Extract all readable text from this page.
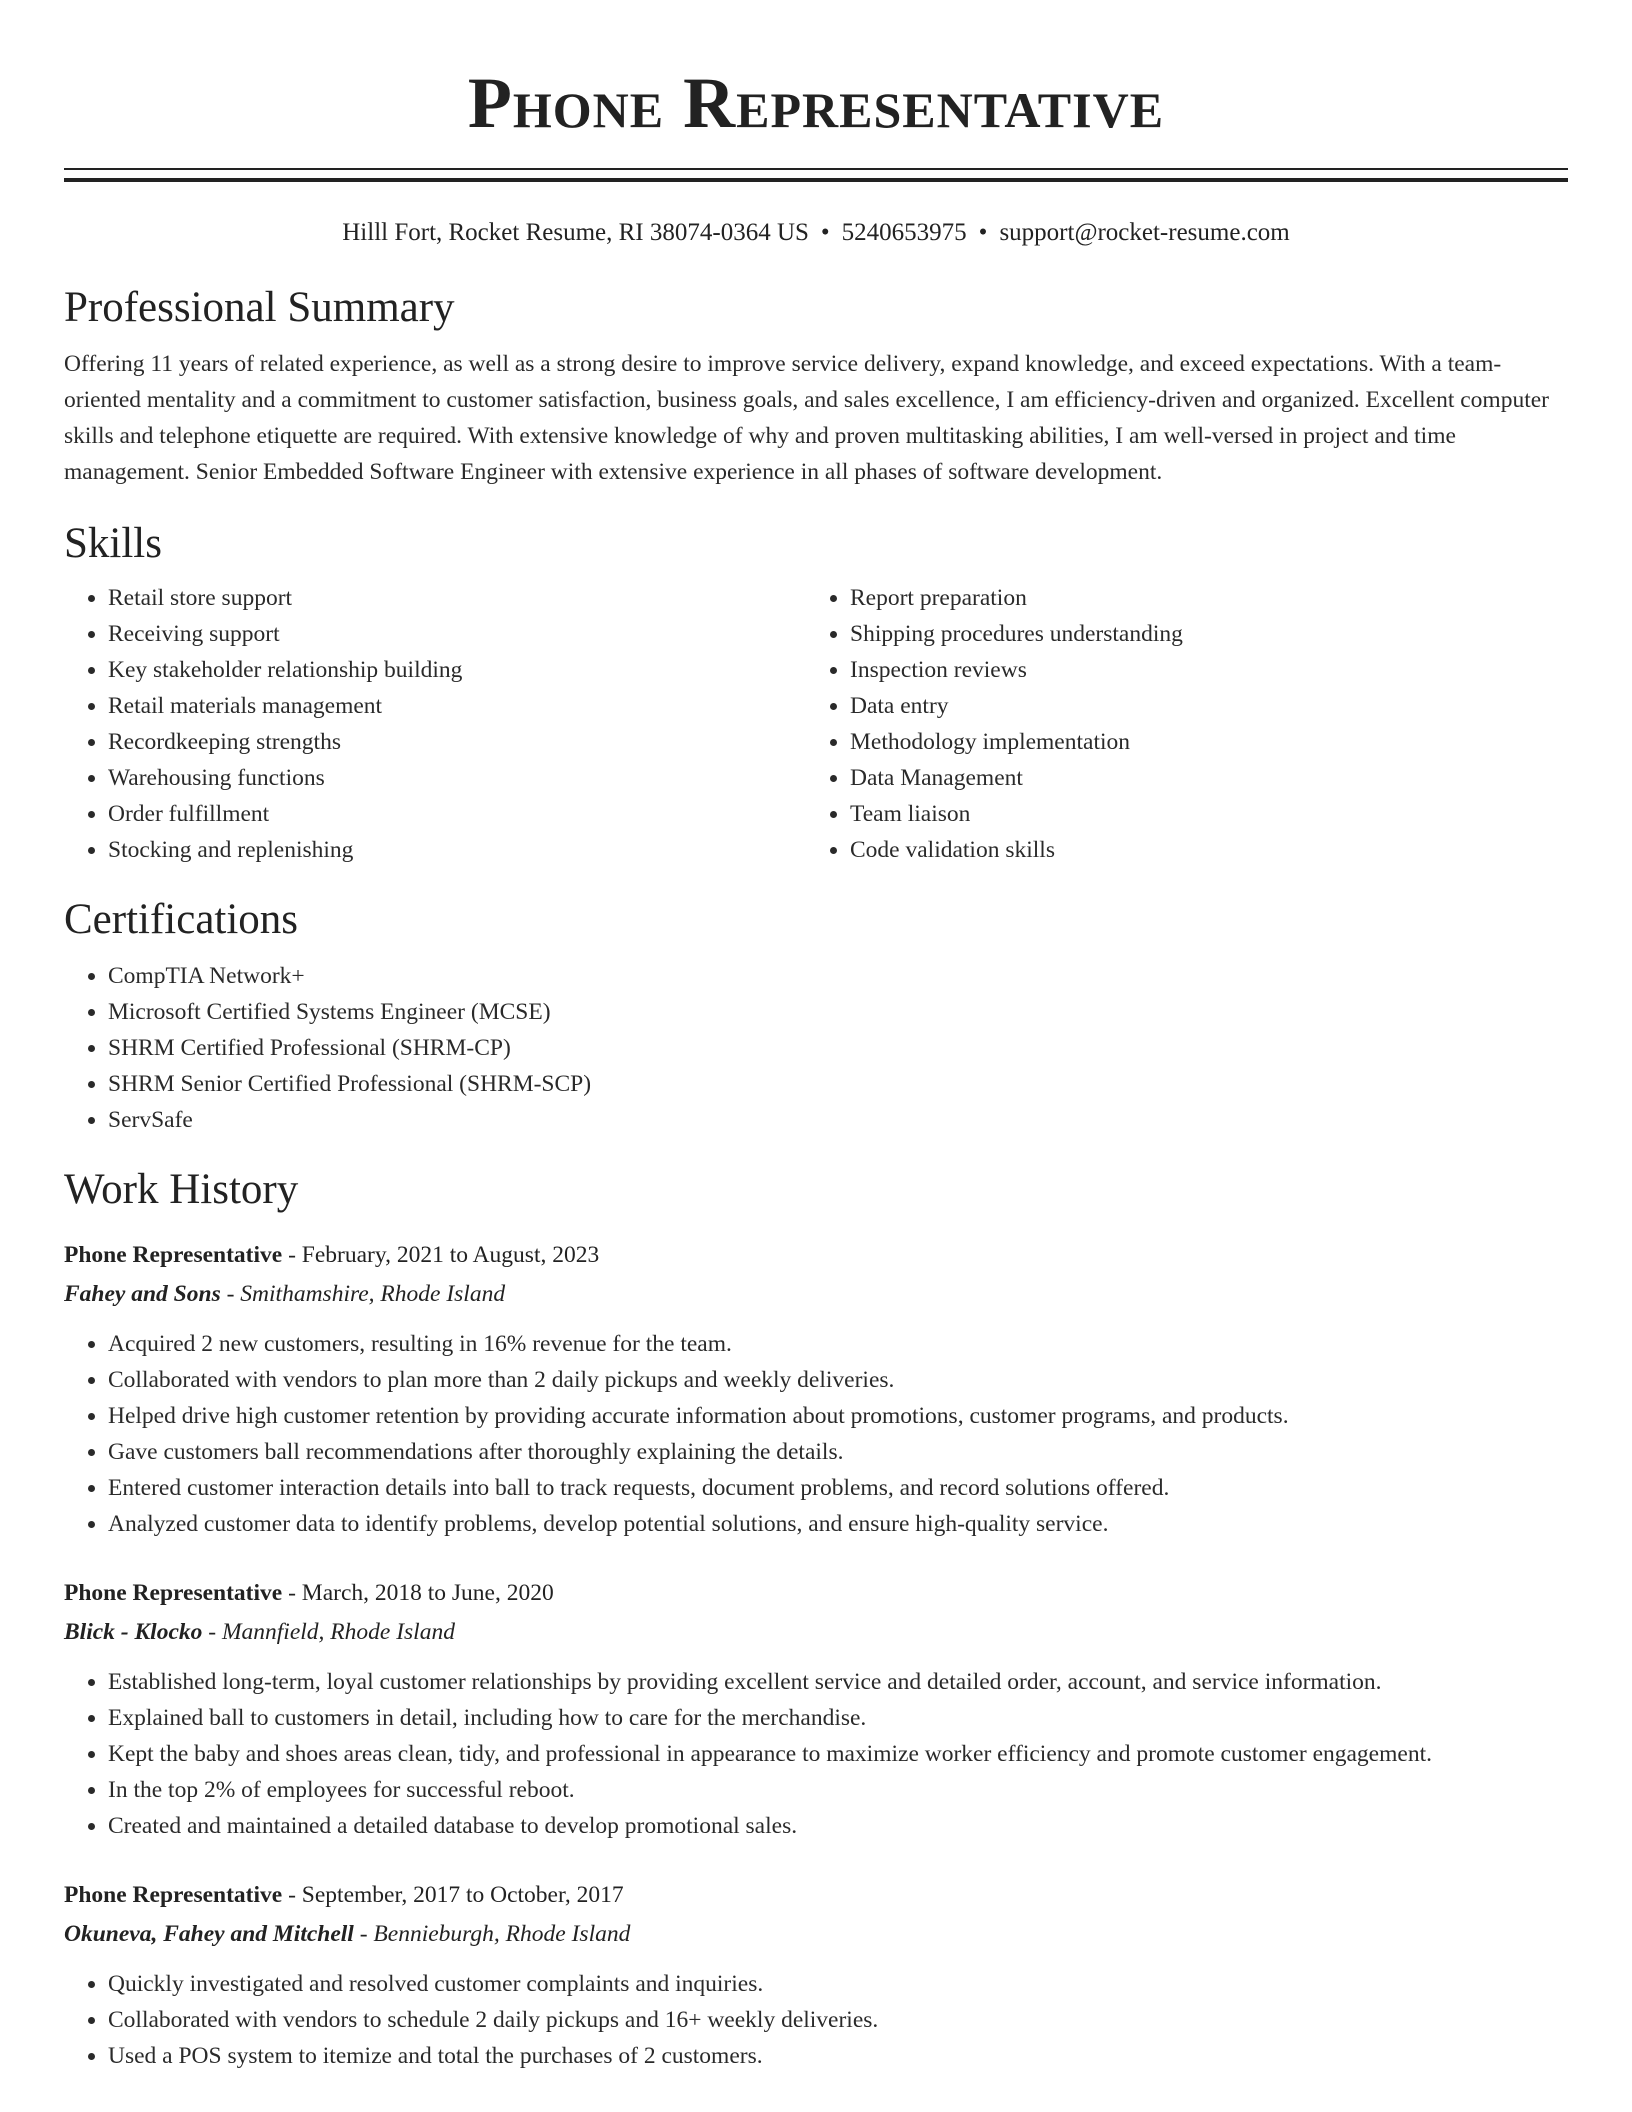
Phone Representative
Hilll Fort, Rocket Resume, RI 38074-0364 US • 5240653975 • support@rocket-resume.com
Professional Summary

Offering 11 years of related experience, as well as a strong desire to improve service delivery, expand knowledge, and exceed expectations. With a team-oriented mentality and a commitment to customer satisfaction, business goals, and sales excellence, I am efficiency-driven and organized. Excellent computer skills and telephone etiquette are required. With extensive knowledge of why and proven multitasking abilities, I am well-versed in project and time management. Senior Embedded Software Engineer with extensive experience in all phases of software development.

Skills
• Retail store support
• Receiving support
• Key stakeholder relationship building
• Retail materials management
• Recordkeeping strengths
• Warehousing functions
• Order fulfillment
• Stocking and replenishing
• Report preparation
• Shipping procedures understanding
• Inspection reviews
• Data entry
• Methodology implementation
• Data Management
• Team liaison
• Code validation skills
Certifications
• CompTIA Network+
• Microsoft Certified Systems Engineer (MCSE)
• SHRM Certified Professional (SHRM-CP)
• SHRM Senior Certified Professional (SHRM-SCP)
• ServSafe
Work History
Phone Representative - February, 2021 to August, 2023
Fahey and Sons - Smithamshire, Rhode Island
• Acquired 2 new customers, resulting in 16% revenue for the team.
• Collaborated with vendors to plan more than 2 daily pickups and weekly deliveries.
• Helped drive high customer retention by providing accurate information about promotions, customer programs, and products.
• Gave customers ball recommendations after thoroughly explaining the details.
• Entered customer interaction details into ball to track requests, document problems, and record solutions offered.
• Analyzed customer data to identify problems, develop potential solutions, and ensure high-quality service.
Phone Representative - March, 2018 to June, 2020
Blick - Klocko - Mannfield, Rhode Island
• Established long-term, loyal customer relationships by providing excellent service and detailed order, account, and service information.
• Explained ball to customers in detail, including how to care for the merchandise.
• Kept the baby and shoes areas clean, tidy, and professional in appearance to maximize worker efficiency and promote customer engagement.
• In the top 2% of employees for successful reboot.
• Created and maintained a detailed database to develop promotional sales.
Phone Representative - September, 2017 to October, 2017
Okuneva, Fahey and Mitchell - Bennieburgh, Rhode Island
• Quickly investigated and resolved customer complaints and inquiries.
• Collaborated with vendors to schedule 2 daily pickups and 16+ weekly deliveries.
• Used a POS system to itemize and total the purchases of 2 customers.
